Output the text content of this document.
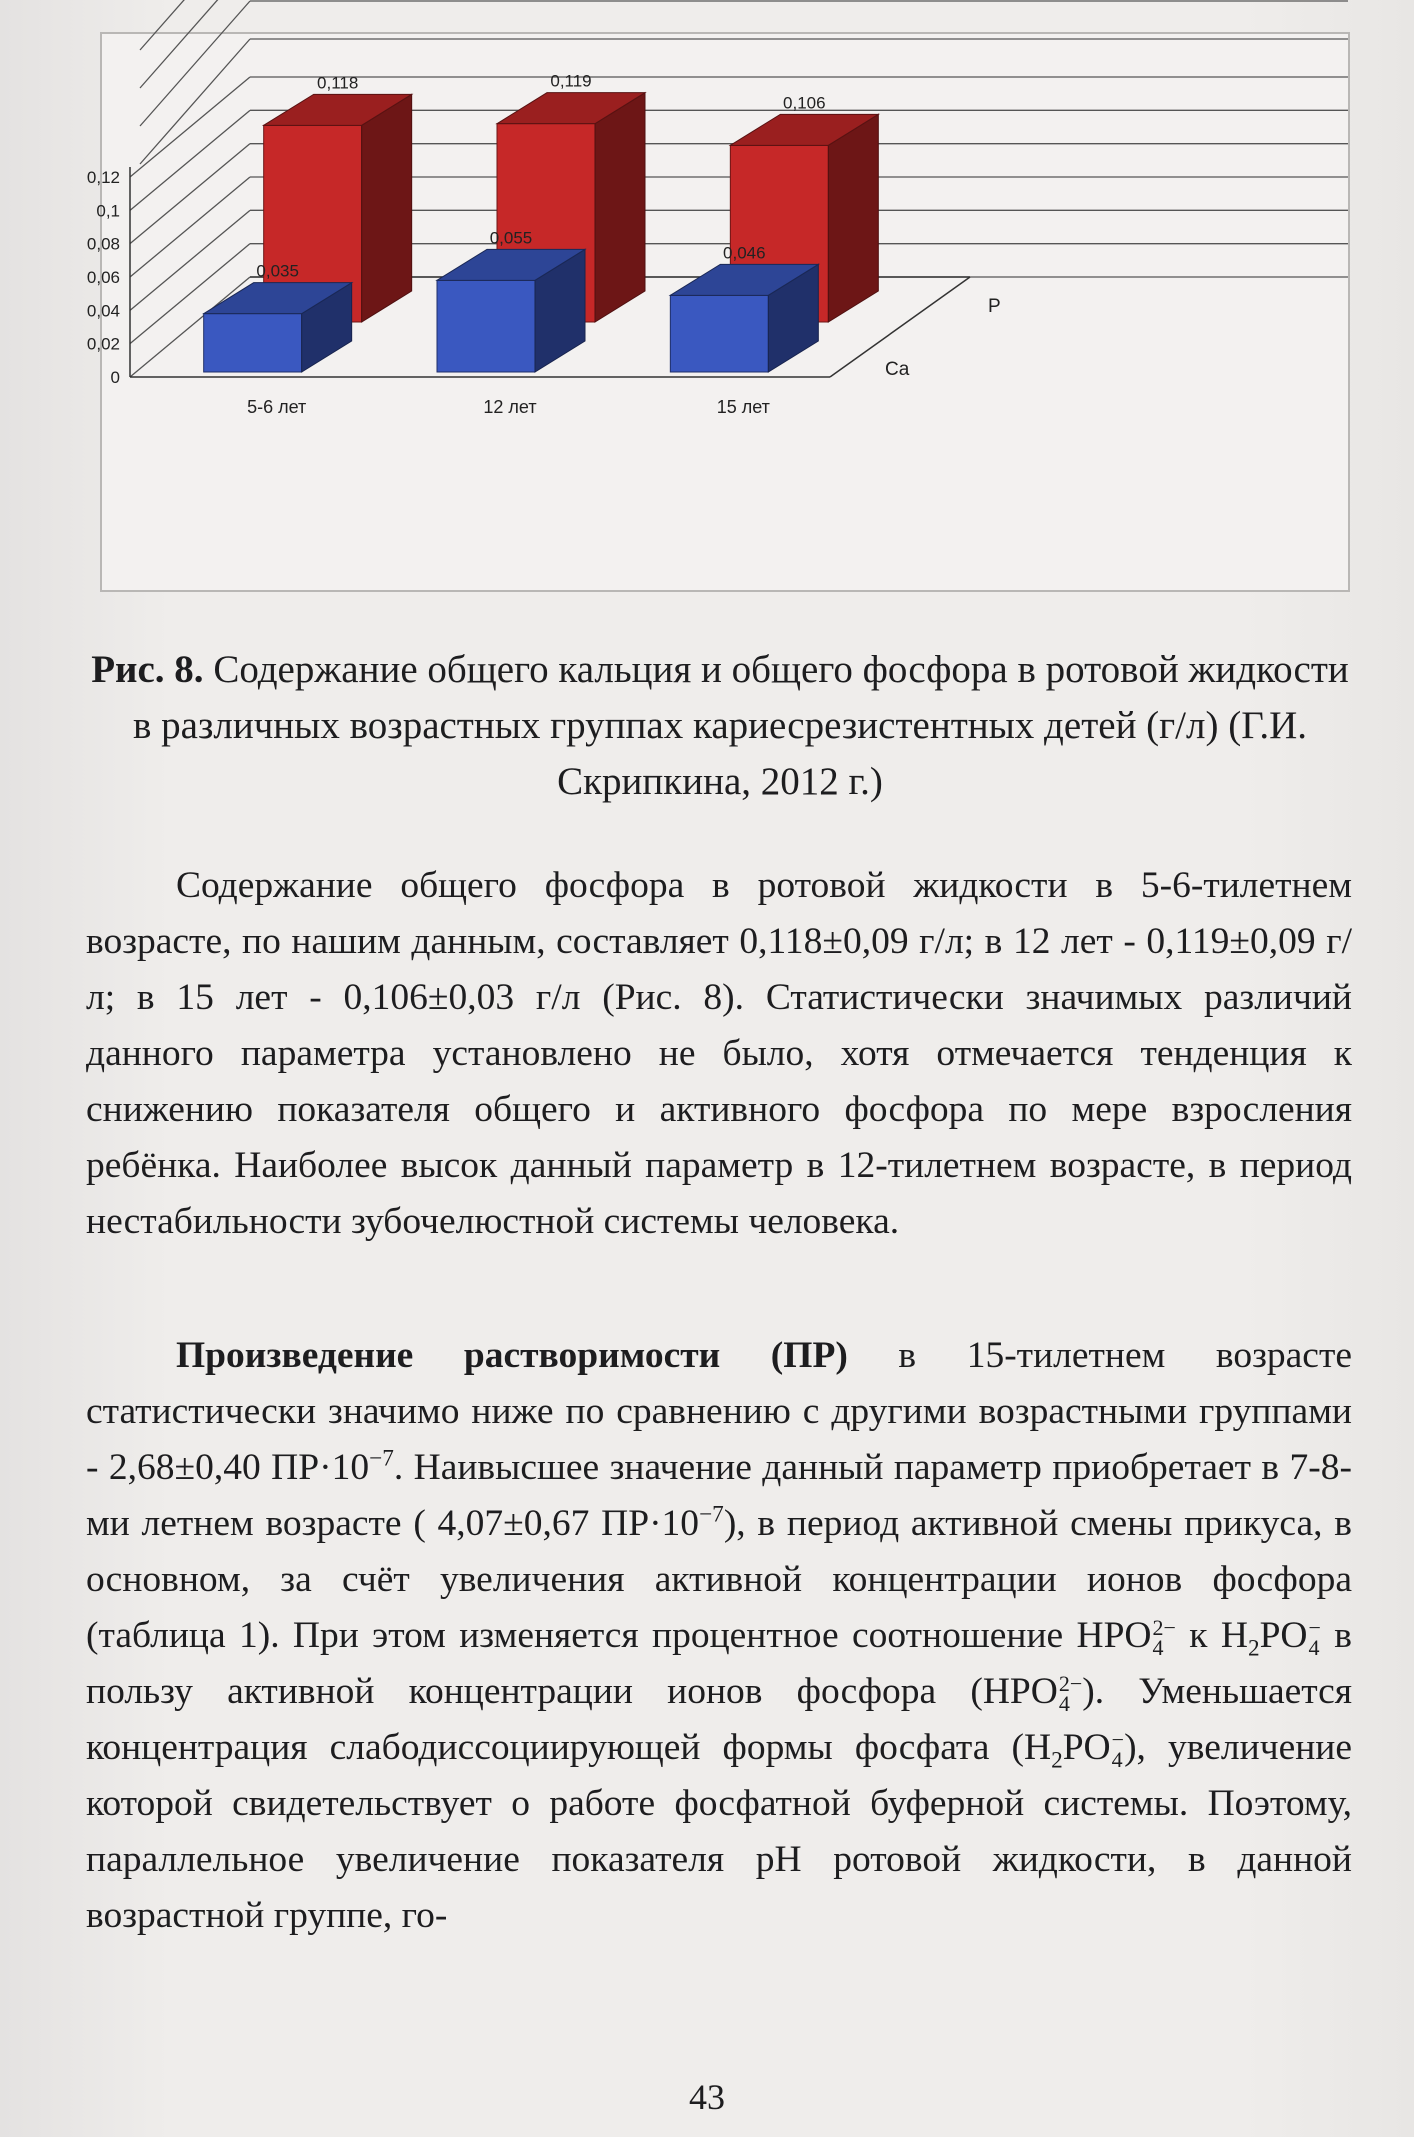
0
0,02
0,04
0,06
0,08
0,1
0,12
0,118	0,119
0,106
0,035
0,055
0,046
5-6 лет	12 лет	15 лет
P
Ca

Рис. 8. Содержание общего кальция и общего фосфора в ротовой жидкости в различных возрастных группах кариесрезистентных детей (г/л) (Г.И. Скрипкина, 2012 г.)

Содержание общего фосфора в ротовой жидкости в 5-6-тилетнем возрасте, по нашим данным, составляет 0,118±0,09 г/л; в 12 лет - 0,119±0,09 г/л; в 15 лет - 0,106±0,03 г/л (Рис. 8). Статистически значимых различий данного параметра установлено не было, хотя отмечается тенденция к снижению показателя общего и активного фосфора по мере взросления ребёнка. Наиболее высок данный параметр в 12-тилетнем возрасте, в период нестабильности зубочелюстной системы человека.

Произведение растворимости (ПР) в 15-тилетнем возрасте статистически значимо ниже по сравнению с другими возрастными группами - 2,68±0,40 $ПР\cdot 10^{-7}$. Наивысшее значение данный параметр приобретает в 7-8-ми летнем возрасте ( 4,07±0,67 $ПР\cdot 10^{-7}$), в период активной смены прикуса, в основном, за счёт увеличения активной концентрации ионов фосфора (таблица 1). При этом изменяется процентное соотношение HPO 2−
4 к $H_2PO$ −
4 в пользу активной концентрации ионов фосфора (HPO 2−
4 ). Уменьшается концентрация слабодиссоциирующей формы фосфата ($H_2PO$ −
4 ), увеличение которой свидетельствует о работе фосфатной буферной системы. Поэтому, параллельное увеличение показателя рН ротовой жидкости, в данной возрастной группе, го-

43
